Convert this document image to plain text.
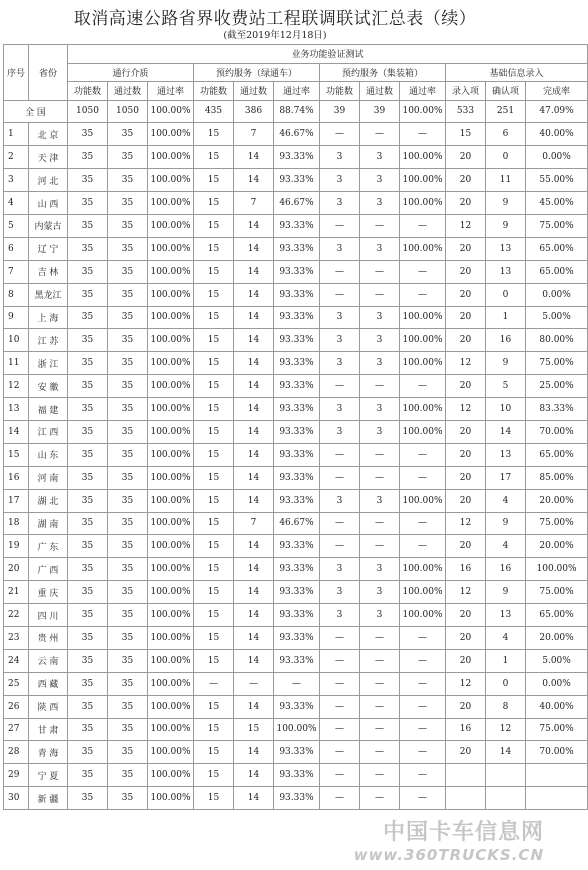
取消高速公路省界收费站工程联调联试汇总表（续）
(截至2019年12月18日)
序号	省份	业务功能验证测试											
		通行介质			预约服务（绿通车）			预约服务（集装箱）			基础信息录入		
		功能数	通过数	通过率	功能数	通过数	通过率	功能数	通过数	通过率	录入项	确认项	完成率
全 国		1050	1050	100.00%	435	386	88.74%	39	39	100.00%	533	251	47.09%
1	北 京	35	35	100.00%	15	7	46.67%	—	—	—	15	6	40.00%
2	天 津	35	35	100.00%	15	14	93.33%	3	3	100.00%	20	0	0.00%
3	河 北	35	35	100.00%	15	14	93.33%	3	3	100.00%	20	11	55.00%
4	山 西	35	35	100.00%	15	7	46.67%	3	3	100.00%	20	9	45.00%
5	内蒙古	35	35	100.00%	15	14	93.33%	—	—	—	12	9	75.00%
6	辽 宁	35	35	100.00%	15	14	93.33%	3	3	100.00%	20	13	65.00%
7	吉 林	35	35	100.00%	15	14	93.33%	—	—	—	20	13	65.00%
8	黑龙江	35	35	100.00%	15	14	93.33%	—	—	—	20	0	0.00%
9	上 海	35	35	100.00%	15	14	93.33%	3	3	100.00%	20	1	5.00%
10	江 苏	35	35	100.00%	15	14	93.33%	3	3	100.00%	20	16	80.00%
11	浙 江	35	35	100.00%	15	14	93.33%	3	3	100.00%	12	9	75.00%
12	安 徽	35	35	100.00%	15	14	93.33%	—	—	—	20	5	25.00%
13	福 建	35	35	100.00%	15	14	93.33%	3	3	100.00%	12	10	83.33%
14	江 西	35	35	100.00%	15	14	93.33%	3	3	100.00%	20	14	70.00%
15	山 东	35	35	100.00%	15	14	93.33%	—	—	—	20	13	65.00%
16	河 南	35	35	100.00%	15	14	93.33%	—	—	—	20	17	85.00%
17	湖 北	35	35	100.00%	15	14	93.33%	3	3	100.00%	20	4	20.00%
18	湖 南	35	35	100.00%	15	7	46.67%	—	—	—	12	9	75.00%
19	广 东	35	35	100.00%	15	14	93.33%	—	—	—	20	4	20.00%
20	广 西	35	35	100.00%	15	14	93.33%	3	3	100.00%	16	16	100.00%
21	重 庆	35	35	100.00%	15	14	93.33%	3	3	100.00%	12	9	75.00%
22	四 川	35	35	100.00%	15	14	93.33%	3	3	100.00%	20	13	65.00%
23	贵 州	35	35	100.00%	15	14	93.33%	—	—	—	20	4	20.00%
24	云 南	35	35	100.00%	15	14	93.33%	—	—	—	20	1	5.00%
25	西 藏	35	35	100.00%	—	—	—	—	—	—	12	0	0.00%
26	陕 西	35	35	100.00%	15	14	93.33%	—	—	—	20	8	40.00%
27	甘 肃	35	35	100.00%	15	15	100.00%	—	—	—	16	12	75.00%
28	青 海	35	35	100.00%	15	14	93.33%	—	—	—	20	14	70.00%
29	宁 夏	35	35	100.00%	15	14	93.33%	—	—	—			
30	新 疆	35	35	100.00%	15	14	93.33%	—	—	—			
中国卡车信息网
www.360TRUCKS.CN
